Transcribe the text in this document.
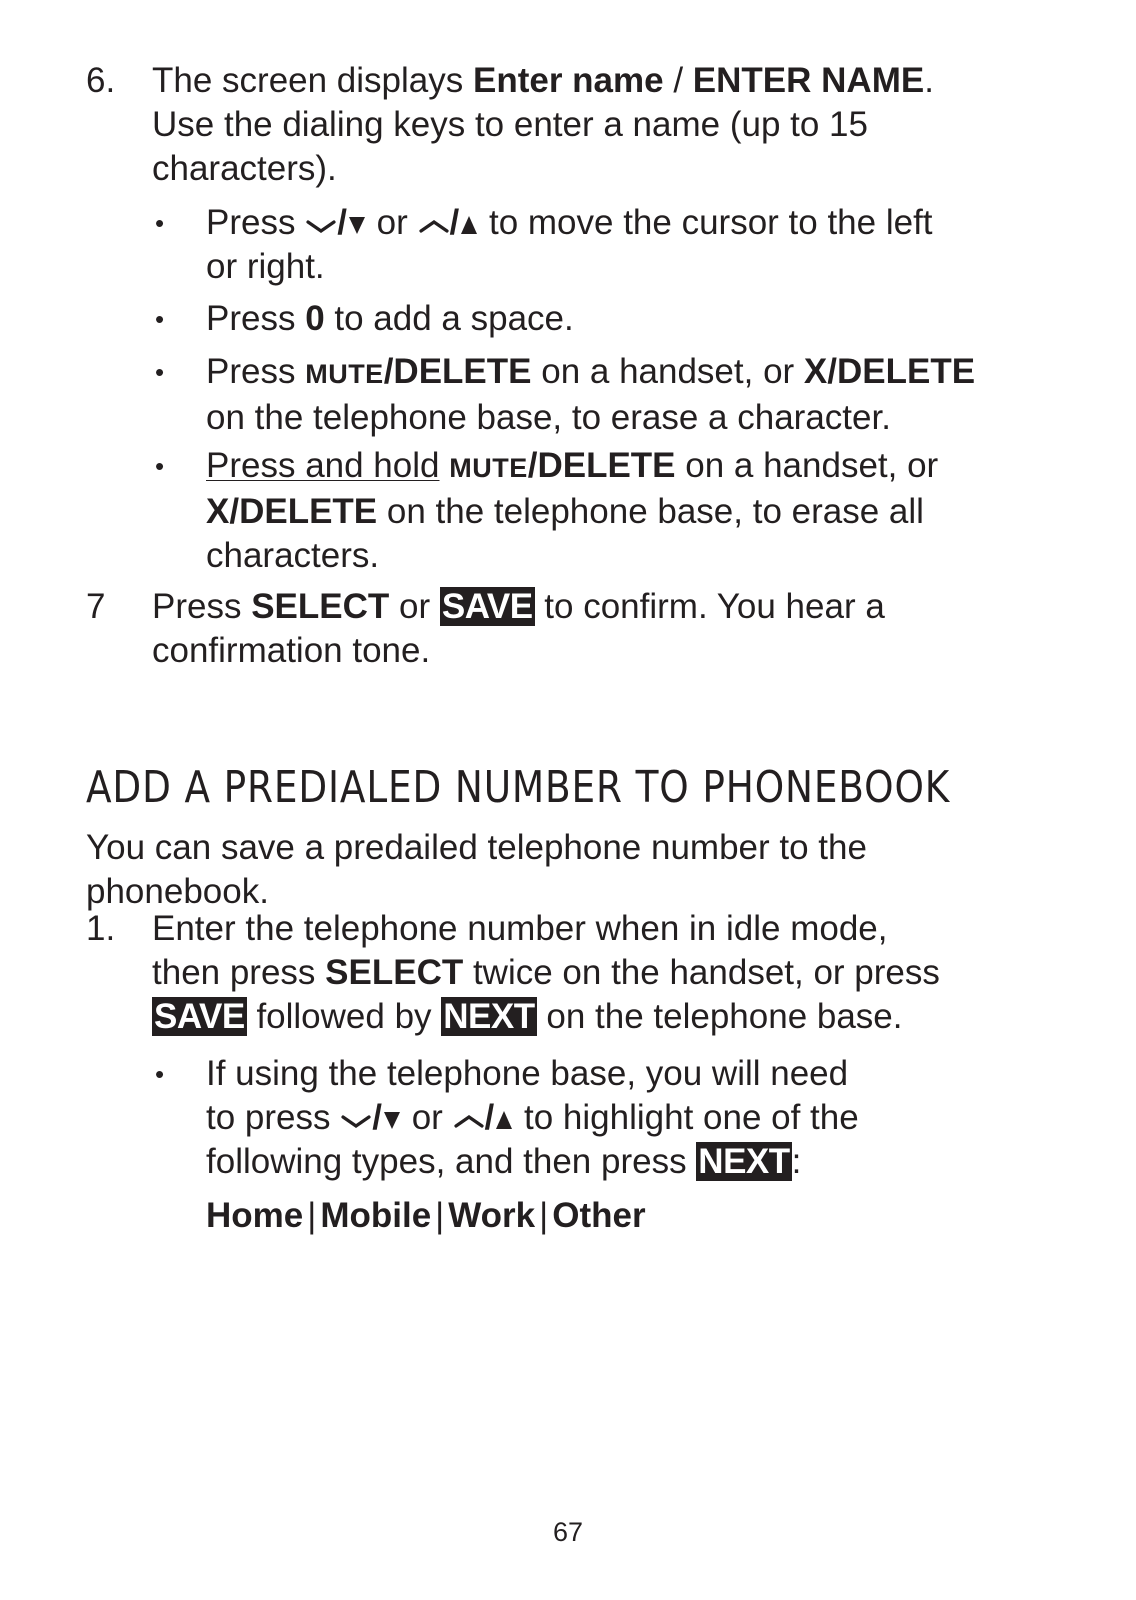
6. The screen displays Enter name / ENTER NAME.

Use the dialing keys to enter a name (up to 15

characters).

• Press / or / to move the cursor to the left

or right.

• Press 0 to add a space.

• Press MUTE/DELETE on a handset, or X/DELETE

on the telephone base, to erase a character.

• Press and hold MUTE/DELETE on a handset, or

X/DELETE on the telephone base, to erase all

characters.

7 Press SELECT or SAVE to confirm. You hear a

confirmation tone.

ADD A PREDIALED NUMBER TO PHONEBOOK

You can save a predailed telephone number to the

phonebook.

1. Enter the telephone number when in idle mode,

then press SELECT twice on the handset, or press

SAVE followed by NEXT on the telephone base.

• If using the telephone base, you will need

to press / or / to highlight one of the

following types, and then press NEXT:

Home | Mobile | Work | Other

67
